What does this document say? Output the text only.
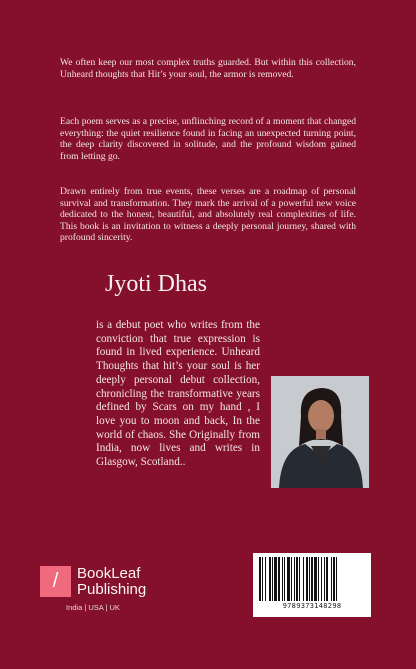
We often keep our most complex truths guarded. But within this collection, Unheard thoughts that Hit’s your soul, the armor is removed.

Each poem serves as a precise, unflinching record of a moment that changed everything: the quiet resilience found in facing an unexpected turning point, the deep clarity discovered in solitude, and the profound wisdom gained from letting go.

Drawn entirely from true events, these verses are a roadmap of personal survival and transformation. They mark the arrival of a powerful new voice dedicated to the honest, beautiful, and absolutely real complexities of life. This book is an invitation to witness a deeply personal journey, shared with profound sincerity.

Jyoti Dhas

is a debut poet who writes from the conviction that true expression is found in lived experience. Unheard Thoughts that hit’s your soul is her deeply personal debut collection, chronicling the transformative years defined by Scars on my hand , I love you to moon and back, In the world of chaos. She Originally from India, now lives and writes in Glasgow, Scotland..

/	BookLeaf

Publishing

India | USA | UK	9789373148298
